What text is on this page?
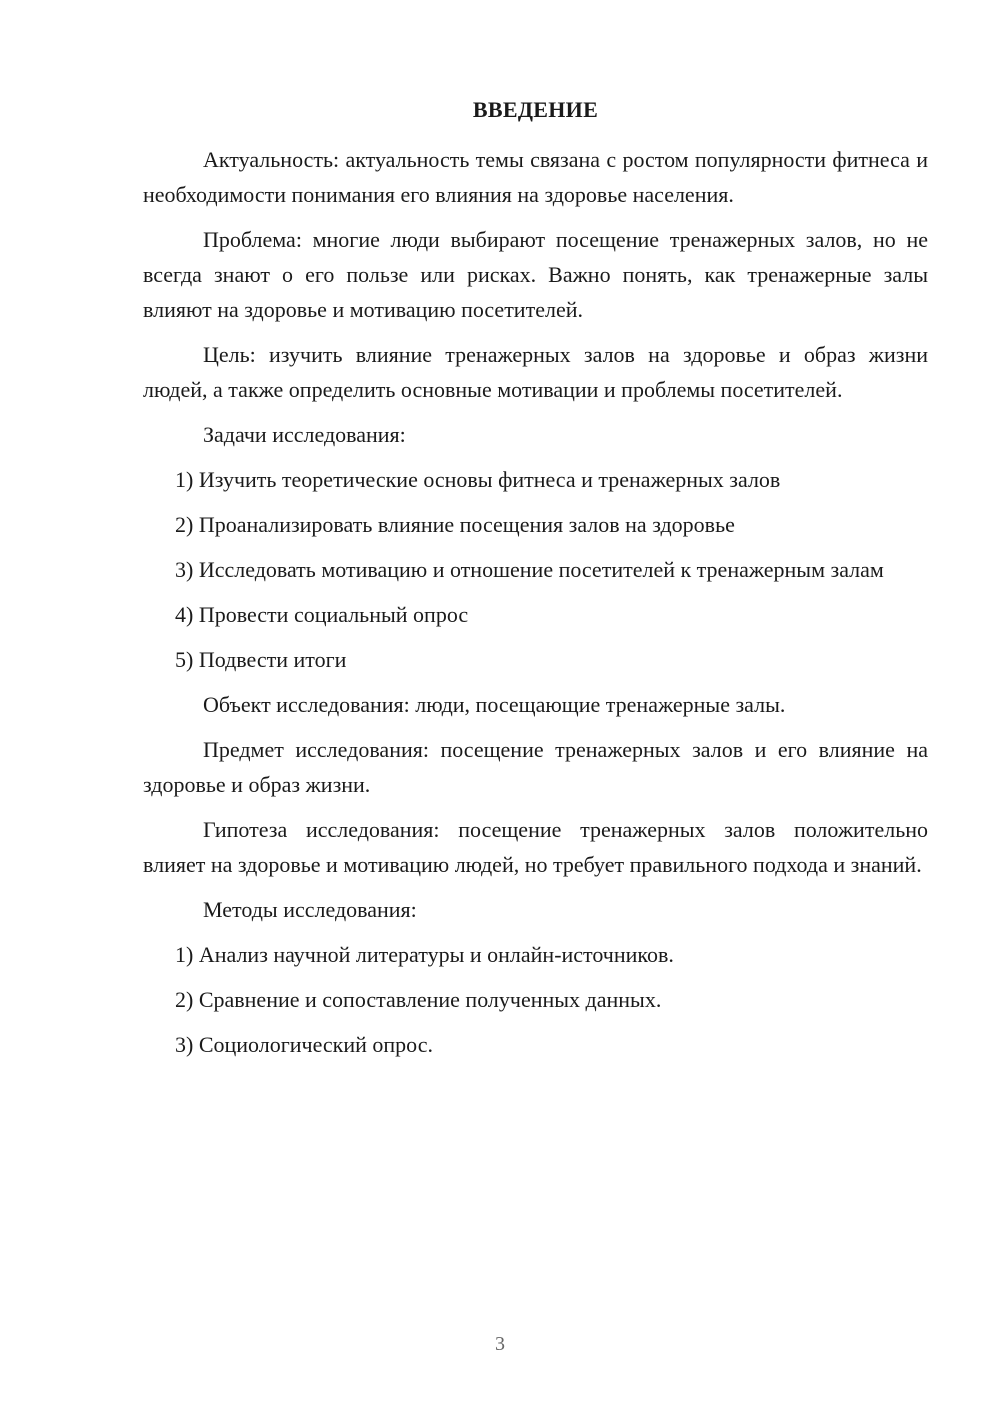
ВВЕДЕНИЕ

Актуальность: актуальность темы связана с ростом популярности фитнеса и необходимости понимания его влияния на здоровье населения.

Проблема: многие люди выбирают посещение тренажерных залов, но не всегда знают о его пользе или рисках. Важно понять, как тренажерные залы влияют на здоровье и мотивацию посетителей.

Цель: изучить влияние тренажерных залов на здоровье и образ жизни людей, а также определить основные мотивации и проблемы посетителей.

Задачи исследования:

1) Изучить теоретические основы фитнеса и тренажерных залов

2) Проанализировать влияние посещения залов на здоровье

3) Исследовать мотивацию и отношение посетителей к тренажерным залам

4) Провести социальный опрос

5) Подвести итоги

Объект исследования: люди, посещающие тренажерные залы.

Предмет исследования: посещение тренажерных залов и его влияние на здоровье и образ жизни.

Гипотеза исследования: посещение тренажерных залов положительно влияет на здоровье и мотивацию людей, но требует правильного подхода и знаний.

Методы исследования:

1) Анализ научной литературы и онлайн-источников.

2) Сравнение и сопоставление полученных данных.

3) Социологический опрос.

3
